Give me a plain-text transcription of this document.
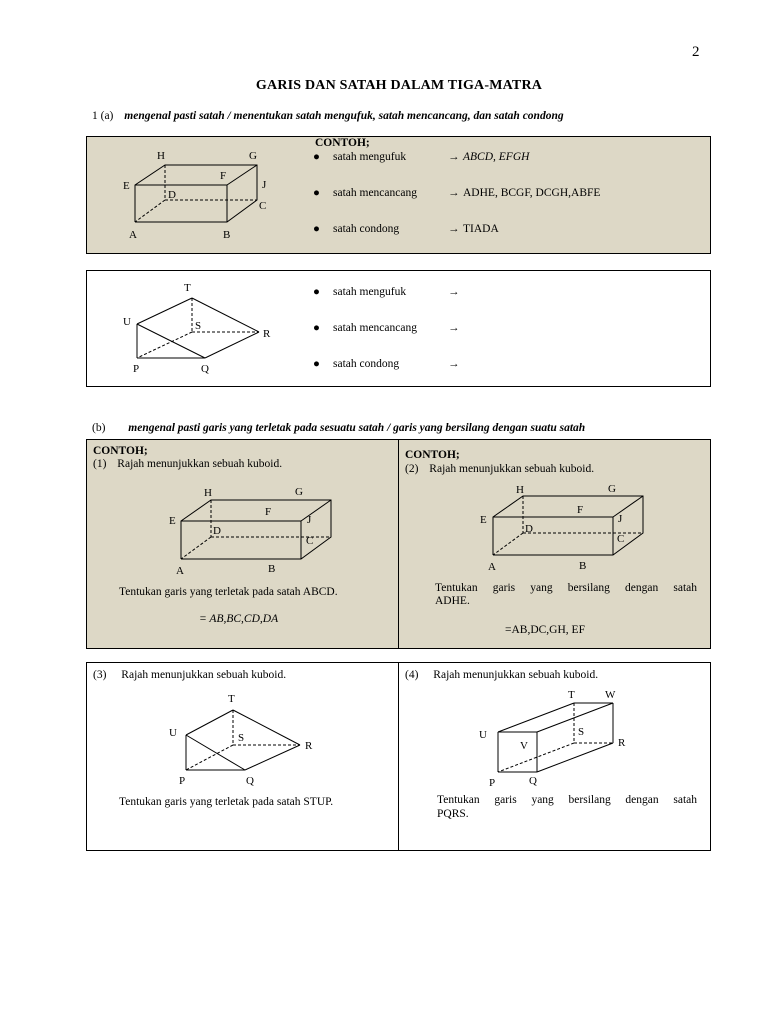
2
GARIS DAN SATAH DALAM TIGA-MATRA
1 (a) mengenal pasti satah / menentukan satah mengufuk, satah mencancang, dan satah condong
H	G
F
E	J
D
C
A	B
CONTOH;
● satah mengufuk	→ ABCD, EFGH
● satah mencancang	→ ADHE, BCGF, DCGH,ABFE
● satah condong	→ TIADA
T
U	S
R
P	Q
● satah mengufuk	→
● satah mencancang	→
● satah condong	→
(b) mengenal pasti garis yang terletak pada sesuatu satah / garis yang bersilang dengan suatu satah
CONTOH;
(1) Rajah menunjukkan sebuah kuboid.
H	G
F
E	J
D
C
A	B
Tentukan garis yang terletak pada satah ABCD.
= AB,BC,CD,DA
CONTOH;
(2) Rajah menunjukkan sebuah kuboid.
H	G
F
E	J
D
C
A	B
Tentukan garis yang bersilang dengan satah
ADHE.
=AB,DC,GH, EF
(3) Rajah menunjukkan sebuah kuboid.
T
U	S
R
P	Q
Tentukan garis yang terletak pada satah STUP.
(4) Rajah menunjukkan sebuah kuboid.
T	W
U	S
V	R
P	Q
Tentukan garis yang bersilang dengan satah
PQRS.
